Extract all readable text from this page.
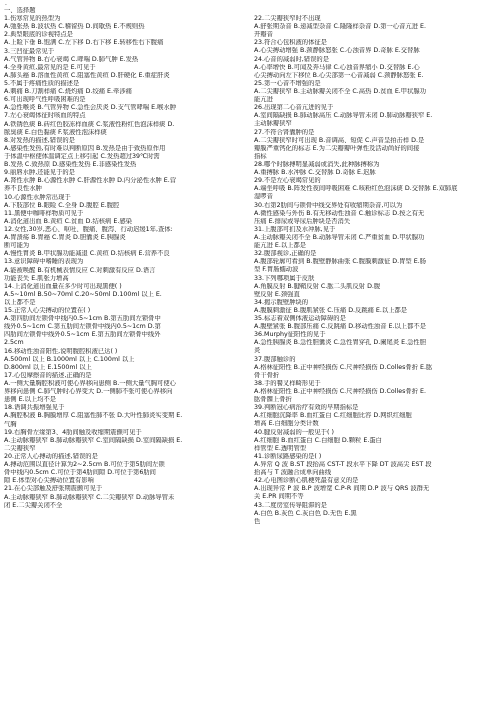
·
一、选择题
1.伤寒常见的热型为
A.弛张热 B.波状热 C.稽留热 D.间歇热 E.不规则热
2.典型眼底的诊视特点是
A.上睑下垂 B.饱满 C.左下移 D.右下移 E.转移性右下腹痛
3.三凹征最常见于
A.气管异物 B.右心衰竭 C.哮喘 D.肺气肿 E.发热
4.全身黄疸,最常见的是 E.可见于
A.肺头癌 B.溶血性黄疸 C.阻塞性黄疸 D.肝硬化 E.重症肝炎
5.不属于疼痛性质的描述是
A.刺痛 B.刀割样痛 C.烧灼痛 D.绞痛 E.牵涉痛
6.可出现呼气性呼吸困难的是
A.急性喉炎 B.气管异物 C.急性会厌炎 D.支气管哮喘 E.喉水肿
7.左心衰竭体征时咳血的特点
A.铁锈色痰 B.砖红色胶冻样血痰 C.浆液性粉红色泡沫样痰 D.
脓臭痰 E.白色黏痰 F.浆液性泡沫样痰
8.对发热的描述,错误的是
A.感染性发热,有时难以判断原因 B.发热是由于致热原作用
于体温中枢使体温调定点上移引起 C.发热超过39℃时需
B.发热 C.致热原 D.感染性发热 E.非感染性发热
9.丽唇水肿,还能见于的是
A.肾性水肿 B.心源性水肿 C.肝源性水肿 D.内分泌性水肿 E.营
养不良性水肿
10.心源性水肿常出现于
A.下肢部位 B.眼睑 C.全身 D.腹腔 E.腹腔
11.黑便中咖啡样物质可见于
A.消化道出血 B.黄疸 C.贫血 D.结核病 E.感染
12.女性,30岁,恶心、呕吐、腹痛、腹泻、行动迟缓1年,查体:
A.胃溃疡 B.胃癌 C.胃炎 D.胆囊炎 E.胰腺炎
断可能为
A.慢性胃炎 B.甲状腺功能减退 C.黄疸 D.结核病 E.营养不良
13.意识障碍中嗜睡的表现为
A.能被唤醒 B.有机械表情反应 C.对刺激有反应 D.语言
功能丧失 E.肌张力增高
14.上消化道出血量在多少时可出现黑便( )
A.5~10ml B.50~70ml C.20~50ml D.100ml 以上 E.
以上都不是
15.正常人心尖搏动的位置在( )
A.第四肋间左锁骨中线内0.5~1cm B.第五肋间左锁骨中
线外0.5~1cm C.第五肋间左锁骨中线内0.5~1cm D.第
四肋间左锁骨中线外0.5~1cm E.第五肋间左锁骨中线外
2.5cm
16.移动性浊音阳性,说明腹腔积液已达( )
A.500ml 以上 B.1000ml 以上 C.100ml 以上
D.800ml 以上 E.1500ml 以上
17.心包摩擦音的描述,正确的是
A.一侧大量胸腔积液可使心界移向患侧 B.一侧大量气胸可使心
界移向患侧 C.肺气肿时心界变大 D.一侧肺不张可使心界移向
患侧 E.以上均不是
18.语调共振增强见于
A.胸腔积液 B.胸膜增厚 C.阻塞性肺不张 D.大叶性肺炎实变期 E.
气胸
19.右胸骨左缘第3、4肋间触及收缩期震颤可见于
A.主动脉瓣狭窄 B.肺动脉瓣狭窄 C.室间隔缺损 D.室间隔缺损 E.
二尖瓣狭窄
20.正常人心搏动的描述,错误的是
A.搏动范围以直径计算为2~2.5cm B.可位于第5肋间左锁
骨中线内0.5cm C.可位于第4肋间隙 D.可位于第6肋间
隙 E.体型对心尖搏动位置有影响
21.在心尖部触及舒张期震颤可见于
A.主动脉瓣狭窄 B.肺动脉瓣狭窄 C.二尖瓣狭窄 D.动脉导管未
闭 E.二尖瓣关闭不全
22.二尖瓣狭窄时不出现
A.舒张期杂音 B.递减型杂音 C.隆隆样杂音 D.第一心音亢进 E.
开瓣音
23.符合心包积液的体征是
A.心尖搏动增强 B.颈静脉怒张 C.心浊音界 D.奇脉 E.交替脉
24.心音的减弱时,错误的是
A.心率增快 B.可闻及奔马律 C.心浊音界缩小 D.交替脉 E.心
心尖搏动向左下移位 B.心尖部第一心音减弱 C.颈静脉怒张 E.
25.第一心音不增强的是
A.二尖瓣狭窄 B.主动脉瓣关闭不全 C.高热 D.贫血 E.甲状腺功
能亢进
26.出现第二心音亢进的见于
A.室间隔缺损 B.肺动脉高压 C.动脉导管未闭 D.肺动脉瓣狭窄 E.
主动脉瓣狭窄
27.不符合肾囊肿的是
A.二尖瓣狭窄时可出现 B.音调高、短促 C.声音呈拍击样 D.是
瓣膜严重钙化的标志 E.为二尖瓣瓣叶弹性及活动尚好的间接
指标
28.哪个时脉搏明显减弱或消失,此种脉搏称为
A.重搏脉 B.水冲脉 C.交替脉 D.奇脉 E.迟脉
29.不是左心衰竭常见的
A.端坐呼吸 B.阵发性夜间呼吸困难 C.咳粉红色泡沫痰 D.交替脉 E.双肺底
湿啰音
30.右第2肋间与锁骨中线交界处有收缩期杂音,可以为
A.微性感染与外伤 B.有无移动性浊音 C.触诊标志 D.按之有无
压痛 E.排尿或导尿后肿块是否消失
31.上腹部可扪及水冲脉,见于
A.主动脉瓣关闭不全 B.动脉导管未闭 C.严重贫血 D.甲状腺功
能亢进 E.以上都是
32.腹部视诊,正确的是
A.腹部轮廓可看到 B.腹壁静脉曲张 C.腹膜刺激征 D.胃型 E.肠
型 F.胃肠蠕动波
33.下列哪项属于皮肤
A.角膜反射 B.腱鞘反射 C.肱二头肌反射 D.腹
壁反射 E.颈强直
34.揭示腹壁肿块的
A.腹膜刺激征 B.腹肌紧张 C.压痛 D.反跳痛 E.以上都是
35.标志着双侧体液运动障碍的是
A.腹壁紧张 B.腹部压痛 C.反跳痛 D.移动性浊音 E.以上都不是
36.Murphy征阳性的见于
A.急性胰腺炎 B.急性胆囊炎 C.急性胃穿孔 D.阑尾炎 E.急性胆
炎
37.腹部触诊的
A.格林征阳性 B.正中神经损伤 C.尺神经损伤 D.Colles骨折 E.肱
骨干骨折
38.手的餐叉样畸形见于
A.格林征阳性 B.正中神经损伤 C.尺神经损伤 D.Colles骨折 E.
肱骨髁上骨折
39.判断冠心病治疗有效的早期指标是
A.红细胞沉降率 B.血红蛋白 C.红细胞比容 D.网织红细胞
增高 E.白细胞分类计数
40.腱反射减弱的一般见于( )
A.红细胞 B.血红蛋白 C.白细胞 D.颗粒 E.蛋白
样管型 E.透明管型
41.诊断尿路感染的是( )
A.异常 Q 波 B.ST 段抬高 CST-T 段水平下降 DT 波高尖 EST 段
抬高与 T 波融合成单向曲线
42.心电图诊断心肌梗死最有意义的是
A.出现异常 P 波 B.P 波增宽 C.P-R 间期 D.P 波与 QRS 波群无
关 E.PR 间期不等
43.二度房室传导阻滞的是
A.白色 B.灰色 C.灰白色 D.无色 E.黑
色
